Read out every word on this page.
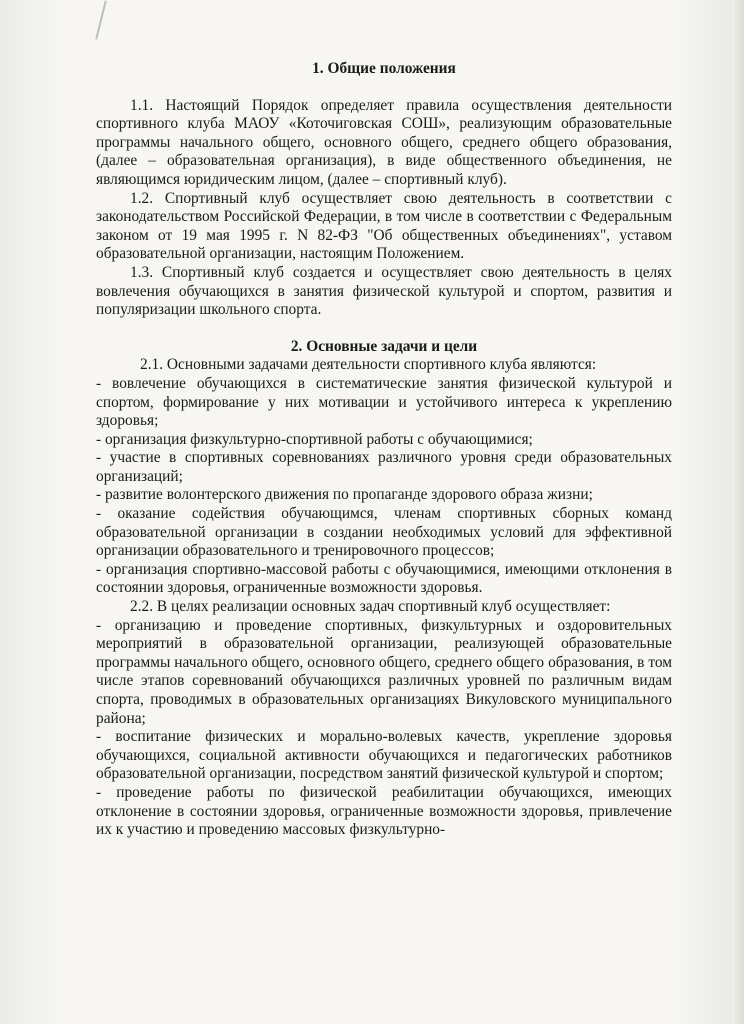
1. Общие положения

1.1. Настоящий Порядок определяет правила осуществления деятельности спортивного клуба МАОУ «Коточиговская СОШ», реализующим образовательные программы начального общего, основного общего, среднего общего образования, (далее – образовательная организация), в виде общественного объединения, не являющимся юридическим лицом, (далее – спортивный клуб).

1.2. Спортивный клуб осуществляет свою деятельность в соответствии с законодательством Российской Федерации, в том числе в соответствии с Федеральным законом от 19 мая 1995 г. N 82-ФЗ "Об общественных объединениях", уставом образовательной организации, настоящим Положением.

1.3. Спортивный клуб создается и осуществляет свою деятельность в целях вовлечения обучающихся в занятия физической культурой и спортом, развития и популяризации школьного спорта.

2. Основные задачи и цели

2.1. Основными задачами деятельности спортивного клуба являются:

- вовлечение обучающихся в систематические занятия физической культурой и спортом, формирование у них мотивации и устойчивого интереса к укреплению здоровья;

- организация физкультурно-спортивной работы с обучающимися;

- участие в спортивных соревнованиях различного уровня среди образовательных организаций;

- развитие волонтерского движения по пропаганде здорового образа жизни;

- оказание содействия обучающимся, членам спортивных сборных команд образовательной организации в создании необходимых условий для эффективной организации образовательного и тренировочного процессов;

- организация спортивно-массовой работы с обучающимися, имеющими отклонения в состоянии здоровья, ограниченные возможности здоровья.

2.2. В целях реализации основных задач спортивный клуб осуществляет:

- организацию и проведение спортивных, физкультурных и оздоровительных мероприятий в образовательной организации, реализующей образовательные программы начального общего, основного общего, среднего общего образования, в том числе этапов соревнований обучающихся различных уровней по различным видам спорта, проводимых в образовательных организациях Викуловского муниципального района;

- воспитание физических и морально-волевых качеств, укрепление здоровья обучающихся, социальной активности обучающихся и педагогических работников образовательной организации, посредством занятий физической культурой и спортом;

- проведение работы по физической реабилитации обучающихся, имеющих отклонение в состоянии здоровья, ограниченные возможности здоровья, привлечение их к участию и проведению массовых физкультурно-
